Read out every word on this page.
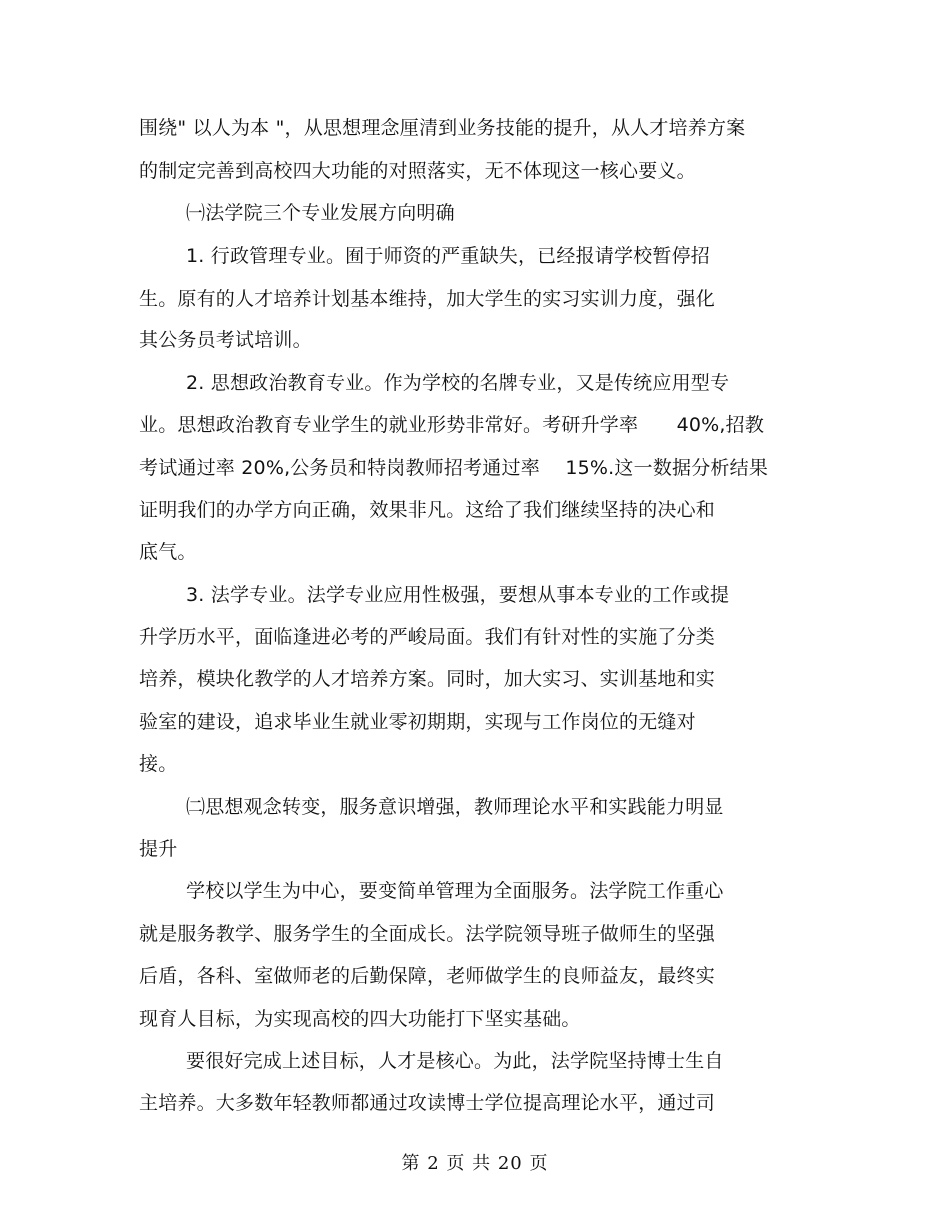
围绕" 以人为本 "，从思想理念厘清到业务技能的提升，从人才培养方案
的制定完善到高校四大功能的对照落实，无不体现这一核心要义。
㈠法学院三个专业发展方向明确
1. 行政管理专业。囿于师资的严重缺失，已经报请学校暂停招
生。原有的人才培养计划基本维持，加大学生的实习实训力度，强化
其公务员考试培训。
2. 思想政治教育专业。作为学校的名牌专业，又是传统应用型专
业。思想政治教育专业学生的就业形势非常好。考研升学率　　40%,招教
考试通过率 20%,公务员和特岗教师招考通过率　 15%.这一数据分析结果
证明我们的办学方向正确，效果非凡。这给了我们继续坚持的决心和
底气。
3. 法学专业。法学专业应用性极强，要想从事本专业的工作或提
升学历水平，面临逢进必考的严峻局面。我们有针对性的实施了分类
培养，模块化教学的人才培养方案。同时，加大实习、实训基地和实
验室的建设，追求毕业生就业零初期期，实现与工作岗位的无缝对
接。
㈡思想观念转变，服务意识增强，教师理论水平和实践能力明显
提升
学校以学生为中心，要变简单管理为全面服务。法学院工作重心
就是服务教学、服务学生的全面成长。法学院领导班子做师生的坚强
后盾，各科、室做师老的后勤保障，老师做学生的良师益友，最终实
现育人目标，为实现高校的四大功能打下坚实基础。
要很好完成上述目标，人才是核心。为此，法学院坚持博士生自
主培养。大多数年轻教师都通过攻读博士学位提高理论水平，通过司
第 2 页 共 20 页
